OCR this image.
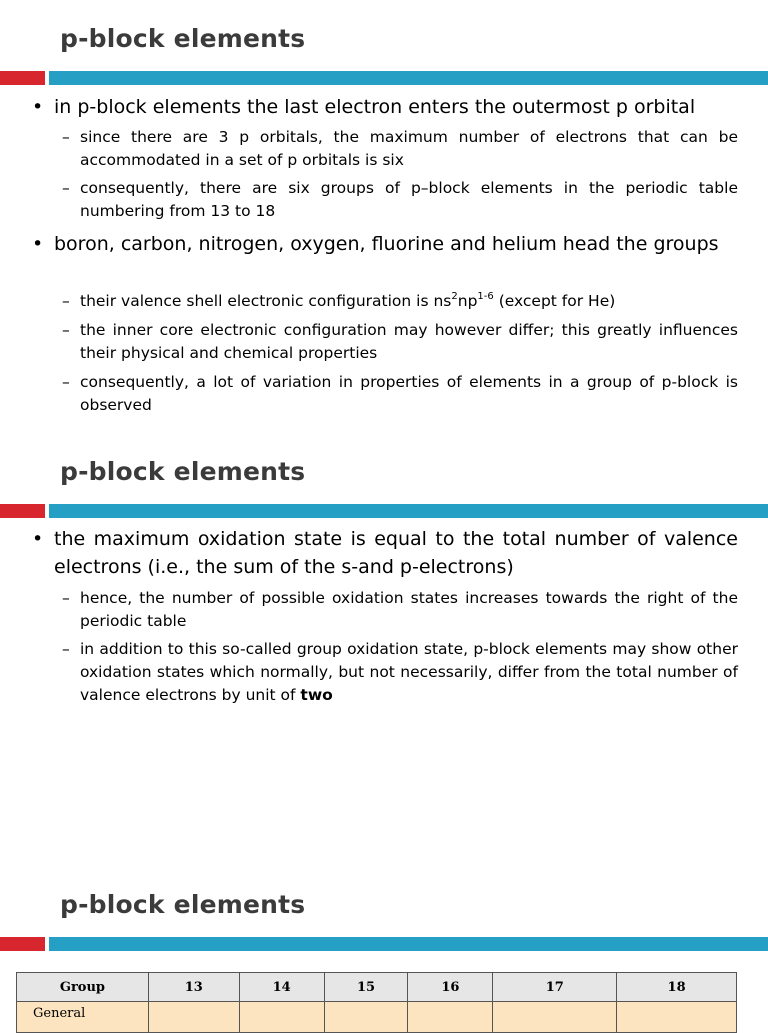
p-block elements
• in p-block elements the last electron enters the outermost p orbital
– since there are 3 p orbitals, the maximum number of electrons that can be accommodated in a set of p orbitals is six
– consequently, there are six groups of p–block elements in the periodic table numbering from 13 to 18
• boron, carbon, nitrogen, oxygen, fluorine and helium head the groups
– their valence shell electronic configuration is $ns^2np^{1-6}$ (except for He)
– the inner core electronic configuration may however differ; this greatly influences their physical and chemical properties
– consequently, a lot of variation in properties of elements in a group of p-block is observed
p-block elements
• the maximum oxidation state is equal to the total number of valence electrons (i.e., the sum of the s-and p-electrons)
– hence, the number of possible oxidation states increases towards the right of the periodic table
– in addition to this so-called group oxidation state, p-block elements may show other oxidation states which normally, but not necessarily, differ from the total number of valence electrons by unit of two
p-block elements
Group	13	14	15	16	17	18
General						
